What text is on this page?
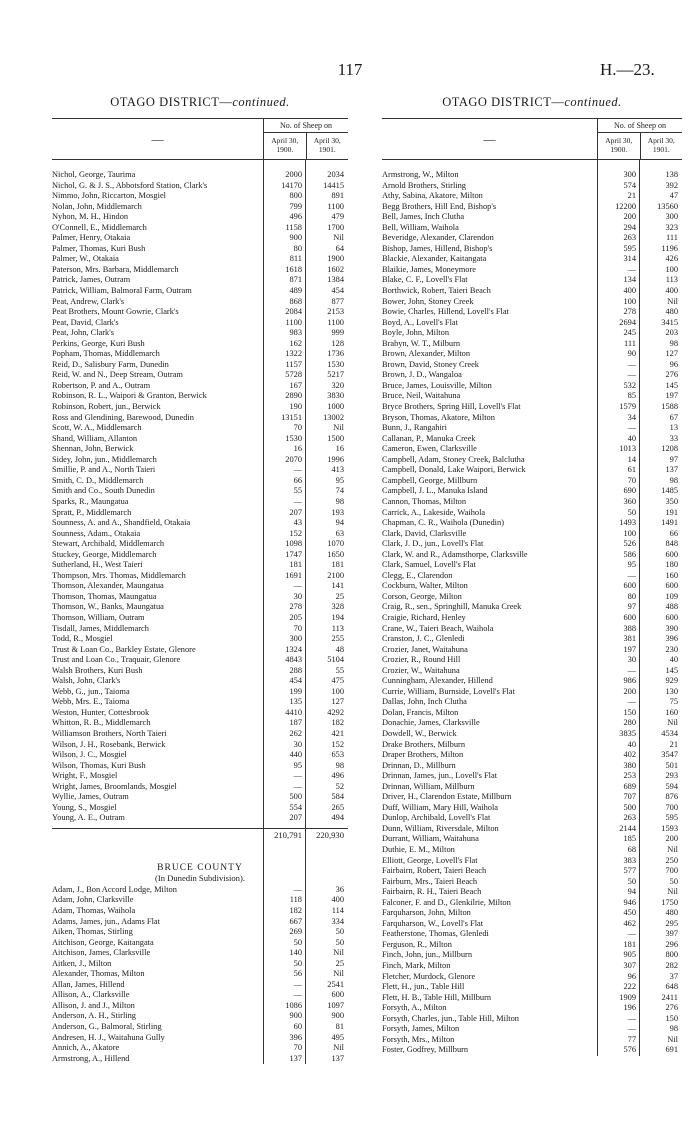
117	H.—23.
OTAGO DISTRICT—continued.
—
No. of Sheep on
April 30, 1900.
April 30, 1901.
Nichol, George, Taurima	2000	2034
Nichol, G. & J. S., Abbotsford Station, Clark's	14170	14415
Nimmo, John, Riccarton, Mosgiel	800	891
Nolan, John, Middlemarch	799	1100
Nyhon, M. H., Hindon	496	479
O'Connell, E., Middlemarch	1158	1700
Palmer, Henry, Otakaia	900	Nil
Palmer, Thomas, Kuri Bush	80	64
Palmer, W., Otakaia	811	1900
Paterson, Mrs. Barbara, Middlemarch	1618	1602
Patrick, James, Outram	871	1384
Patrick, William, Balmoral Farm, Outram	489	454
Peat, Andrew, Clark's	868	877
Peat Brothers, Mount Gowrie, Clark's	2084	2153
Peat, David, Clark's	1100	1100
Peat, John, Clark's	983	999
Perkins, George, Kuri Bush	162	128
Popham, Thomas, Middlemarch	1322	1736
Reid, D., Salisbury Farm, Dunedin	1157	1530
Reid, W. and N., Deep Stream, Outram	5728	5217
Robertson, P. and A., Outram	167	320
Robinson, R. L., Waipori & Granton, Berwick	2890	3830
Robinson, Robert, jun., Berwick	190	1000
Ross and Glendining, Barewood, Dunedin	13151	13002
Scott, W. A., Middlemarch	70	Nil
Shand, William, Allanton	1530	1500
Shennan, John, Berwick	16	16
Sidey, John, jun., Middlemarch	2070	1996
Smillie, P. and A., North Taieri	—	413
Smith, C. D., Middlemarch	66	95
Smith and Co., South Dunedin	55	74
Sparks, R., Maungatua	—	98
Spratt, P., Middlemarch	207	193
Sounness, A. and A., Shandfield, Otakaia	43	94
Sounness, Adam., Otakaia	152	63
Stewart, Archibald, Middlemarch	1098	1070
Stuckey, George, Middlemarch	1747	1650
Sutherland, H., West Taieri	181	181
Thompson, Mrs. Thomas, Middlemarch	1691	2100
Thomson, Alexander, Maungatua	—	141
Thomson, Thomas, Maungatua	30	25
Thomson, W., Banks, Maungatua	278	328
Thomson, William, Outram	205	194
Tisdall, James, Middlemarch	70	113
Todd, R., Mosgiel	300	255
Trust & Loan Co., Barkley Estate, Glenore	1324	48
Trust and Loan Co., Traquair, Glenore	4843	5104
Walsh Brothers, Kuri Bush	288	55
Walsh, John, Clark's	454	475
Webb, G., jun., Taioma	199	100
Webb, Mrs. E., Taioma	135	127
Weston, Hunter, Cottesbrook	4410	4292
Whitton, R. B., Middlemarch	187	182
Williamson Brothers, North Taieri	262	421
Wilson, J. H., Rosebank, Berwick	30	152
Wilson, J. C., Mosgiel	440	653
Wilson, Thomas, Kuri Bush	95	98
Wright, F., Mosgiel	—	496
Wright, James, Broomlands, Mosgiel	—	52
Wyllie, James, Outram	500	584
Young, S., Mosgiel	554	265
Young, A. E., Outram	207	494
210,791	220,930
BRUCE COUNTY
(In Dunedin Subdivision).
Adam, J., Bon Accord Lodge, Milton	—	36
Adam, John, Clarksville	118	400
Adam, Thomas, Waihola	182	114
Adams, James, jun., Adams Flat	667	334
Aiken, Thomas, Stirling	269	50
Aitchison, George, Kaitangata	50	50
Aitchison, James, Clarksville	140	Nil
Aitken, J., Milton	50	25
Alexander, Thomas, Milton	56	Nil
Allan, James, Hillend	—	2541
Allison, A., Clarksville	—	600
Allison, J. and J., Milton	1086	1097
Anderson, A. H., Stirling	900	900
Anderson, G., Balmoral, Stirling	60	81
Andresen, H. J., Waitahuna Gully	396	495
Annich, A., Akatore	70	Nil
Armstrong, A., Hillend	137	137
OTAGO DISTRICT—continued.
—
No. of Sheep on
April 30, 1900.
April 30, 1901.
Armstrong, W., Milton	300	138
Arnold Brothers, Stirling	574	392
Athy, Sabina, Akatore, Milton	21	47
Begg Brothers, Hill End, Bishop's	12200	13560
Bell, James, Inch Clutha	200	300
Bell, William, Waihola	294	323
Beveridge, Alexander, Clarendon	263	111
Bishop, James, Hillend, Bishop's	595	1196
Blackie, Alexander, Kaitangata	314	426
Blaikie, James, Moneymore	—	100
Blake, C. F., Lovell's Flat	134	113
Borthwick, Robert, Taieri Beach	400	400
Bower, John, Stoney Creek	100	Nil
Bowie, Charles, Hillend, Lovell's Flat	278	480
Boyd, A., Lovell's Flat	2694	3415
Boyle, John, Milton	245	203
Brabyn, W. T., Milburn	111	98
Brown, Alexander, Milton	90	127
Brown, David, Stoney Creek	—	96
Brown, J. D., Wangaloa	—	276
Bruce, James, Louisville, Milton	532	145
Bruce, Neil, Waitahuna	85	197
Bryce Brothers, Spring Hill, Lovell's Flat	1579	1588
Bryson, Thomas, Akatore, Milton	34	67
Bunn, J., Rangahiri	—	13
Callanan, P., Manuka Creek	40	33
Cameron, Ewen, Clarksville	1013	1208
Campbell, Adam, Stoney Creek, Balclutha	14	97
Campbell, Donald, Lake Waipori, Berwick	61	137
Campbell, George, Millburn	70	98
Campbell, J. L., Manuka Island	690	1485
Cannon, Thomas, Milton	360	350
Carrick, A., Lakeside, Waihola	50	191
Chapman, C. R., Waihola (Dunedin)	1493	1491
Clark, David, Clarksville	100	66
Clark, J. D., jun., Lovell's Flat	526	848
Clark, W. and R., Adamsthorpe, Clarksville	586	600
Clark, Samuel, Lovell's Flat	95	180
Clegg, E., Clarendon	—	160
Cockburn, Walter, Milton	600	600
Corson, George, Milton	80	109
Craig, R., sen., Springhill, Manuka Creek	97	488
Craigie, Richard, Henley	600	600
Crane, W., Taieri Beach, Waihola	388	390
Cranston, J. C., Glenledi	381	396
Crozier, Janet, Waitahuna	197	230
Crozier, R., Round Hill	30	40
Crozier, W., Waitahuna	—	145
Cunningham, Alexander, Hillend	986	929
Currie, William, Burnside, Lovell's Flat	200	130
Dallas, John, Inch Clutha	—	75
Dolan, Francis, Milton	150	160
Donachie, James, Clarksville	280	Nil
Dowdell, W., Berwick	3835	4534
Drake Brothers, Milburn	40	21
Draper Brothers, Milton	402	3547
Drinnan, D., Millburn	380	501
Drinnan, James, jun., Lovell's Flat	253	293
Drinnan, William, Millburn	689	594
Driver, H., Clarendon Estate, Millburn	707	876
Duff, William, Mary Hill, Waihola	500	700
Dunlop, Archibald, Lovell's Flat	263	595
Dunn, William, Riversdale, Milton	2144	1593
Durrant, William, Waitahuna	185	200
Duthie, E. M., Milton	68	Nil
Elliott, George, Lovell's Flat	383	250
Fairbairn, Robert, Taieri Beach	577	700
Fairburn, Mrs., Taieri Beach	50	50
Fairbairn, R. H., Taieri Beach	94	Nil
Falconer, F. and D., Glenkilrie, Milton	946	1750
Farquharson, John, Milton	450	480
Farquharson, W., Lovell's Flat	462	295
Featherstone, Thomas, Glenledi	—	397
Ferguson, R., Milton	181	296
Finch, John, jun., Millburn	905	800
Finch, Mark, Milton	307	282
Fletcher, Murdock, Glenore	96	37
Flett, H., jun., Table Hill	222	648
Flett, H. B., Table Hill, Millburn	1909	2411
Forsyth, A., Milton	196	276
Forsyth, Charles, jun., Table Hill, Milton	—	150
Forsyth, James, Milton	—	98
Forsyth, Mrs., Milton	77	Nil
Foster, Godfrey, Millburn	576	691
